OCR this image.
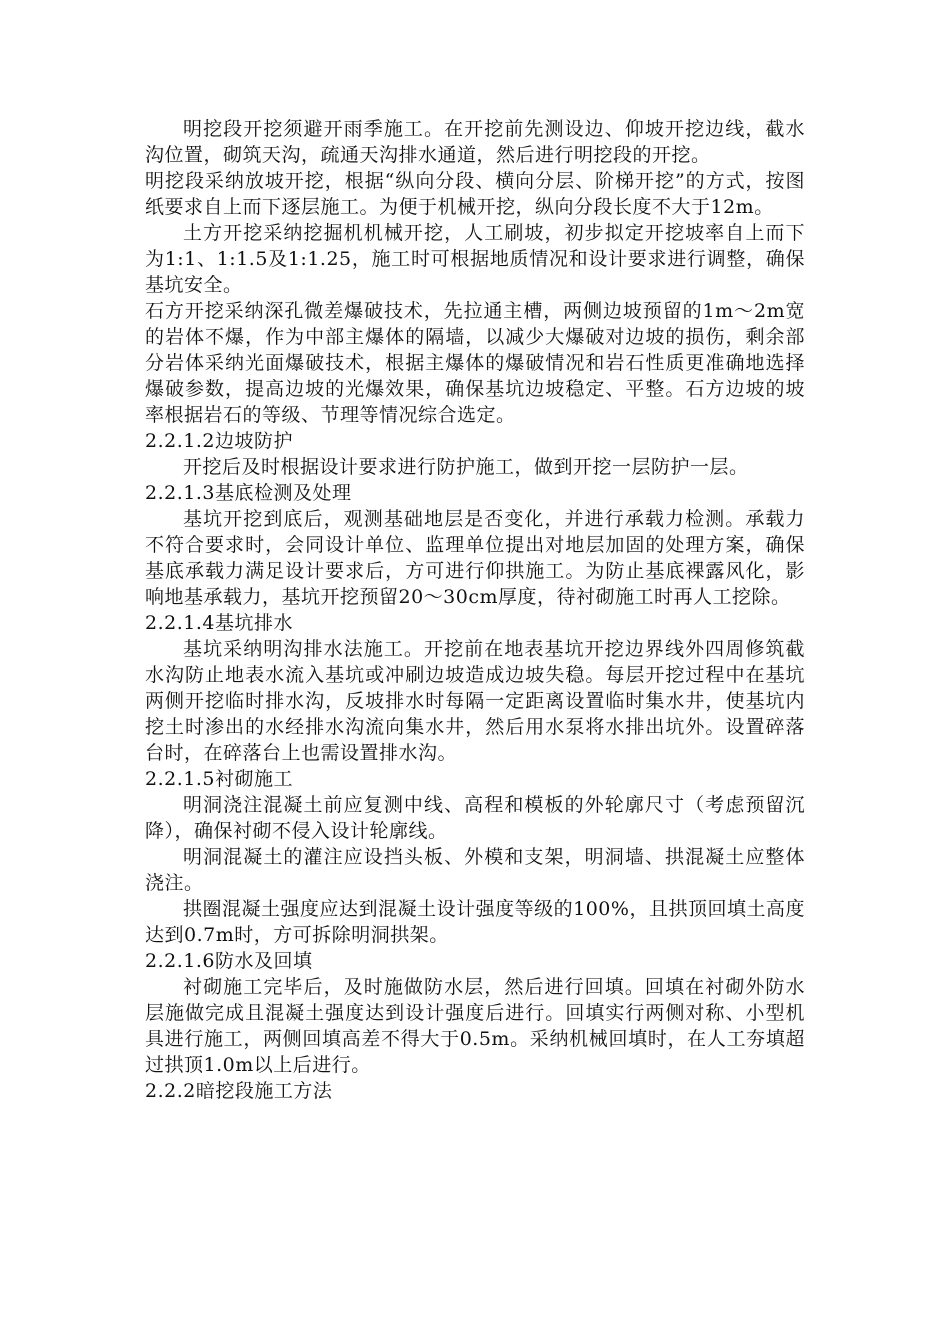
明挖段开挖须避开雨季施工。在开挖前先测设边、仰坡开挖边线，截水沟位置，砌筑天沟，疏通天沟排水通道，然后进行明挖段的开挖。

明挖段采纳放坡开挖，根据“纵向分段、横向分层、阶梯开挖”的方式，按图纸要求自上而下逐层施工。为便于机械开挖，纵向分段长度不大于12m。

土方开挖采纳挖掘机机械开挖，人工刷坡，初步拟定开挖坡率自上而下为1:1、1:1.5及1:1.25，施工时可根据地质情况和设计要求进行调整，确保基坑安全。

石方开挖采纳深孔微差爆破技术，先拉通主槽，两侧边坡预留的1m～2m宽的岩体不爆，作为中部主爆体的隔墙，以减少大爆破对边坡的损伤，剩余部分岩体采纳光面爆破技术，根据主爆体的爆破情况和岩石性质更准确地选择爆破参数，提高边坡的光爆效果，确保基坑边坡稳定、平整。石方边坡的坡率根据岩石的等级、节理等情况综合选定。

2.2.1.2边坡防护

开挖后及时根据设计要求进行防护施工，做到开挖一层防护一层。

2.2.1.3基底检测及处理

基坑开挖到底后，观测基础地层是否变化，并进行承载力检测。承载力不符合要求时，会同设计单位、监理单位提出对地层加固的处理方案，确保基底承载力满足设计要求后，方可进行仰拱施工。为防止基底裸露风化，影响地基承载力，基坑开挖预留20～30cm厚度，待衬砌施工时再人工挖除。

2.2.1.4基坑排水

基坑采纳明沟排水法施工。开挖前在地表基坑开挖边界线外四周修筑截水沟防止地表水流入基坑或冲刷边坡造成边坡失稳。每层开挖过程中在基坑两侧开挖临时排水沟，反坡排水时每隔一定距离设置临时集水井，使基坑内挖土时渗出的水经排水沟流向集水井，然后用水泵将水排出坑外。设置碎落台时，在碎落台上也需设置排水沟。

2.2.1.5衬砌施工

明洞浇注混凝土前应复测中线、高程和模板的外轮廓尺寸（考虑预留沉降），确保衬砌不侵入设计轮廓线。

明洞混凝土的灌注应设挡头板、外模和支架，明洞墙、拱混凝土应整体浇注。

拱圈混凝土强度应达到混凝土设计强度等级的100%，且拱顶回填土高度达到0.7m时，方可拆除明洞拱架。

2.2.1.6防水及回填

衬砌施工完毕后，及时施做防水层，然后进行回填。回填在衬砌外防水层施做完成且混凝土强度达到设计强度后进行。回填实行两侧对称、小型机具进行施工，两侧回填高差不得大于0.5m。采纳机械回填时，在人工夯填超过拱顶1.0m以上后进行。

2.2.2暗挖段施工方法
